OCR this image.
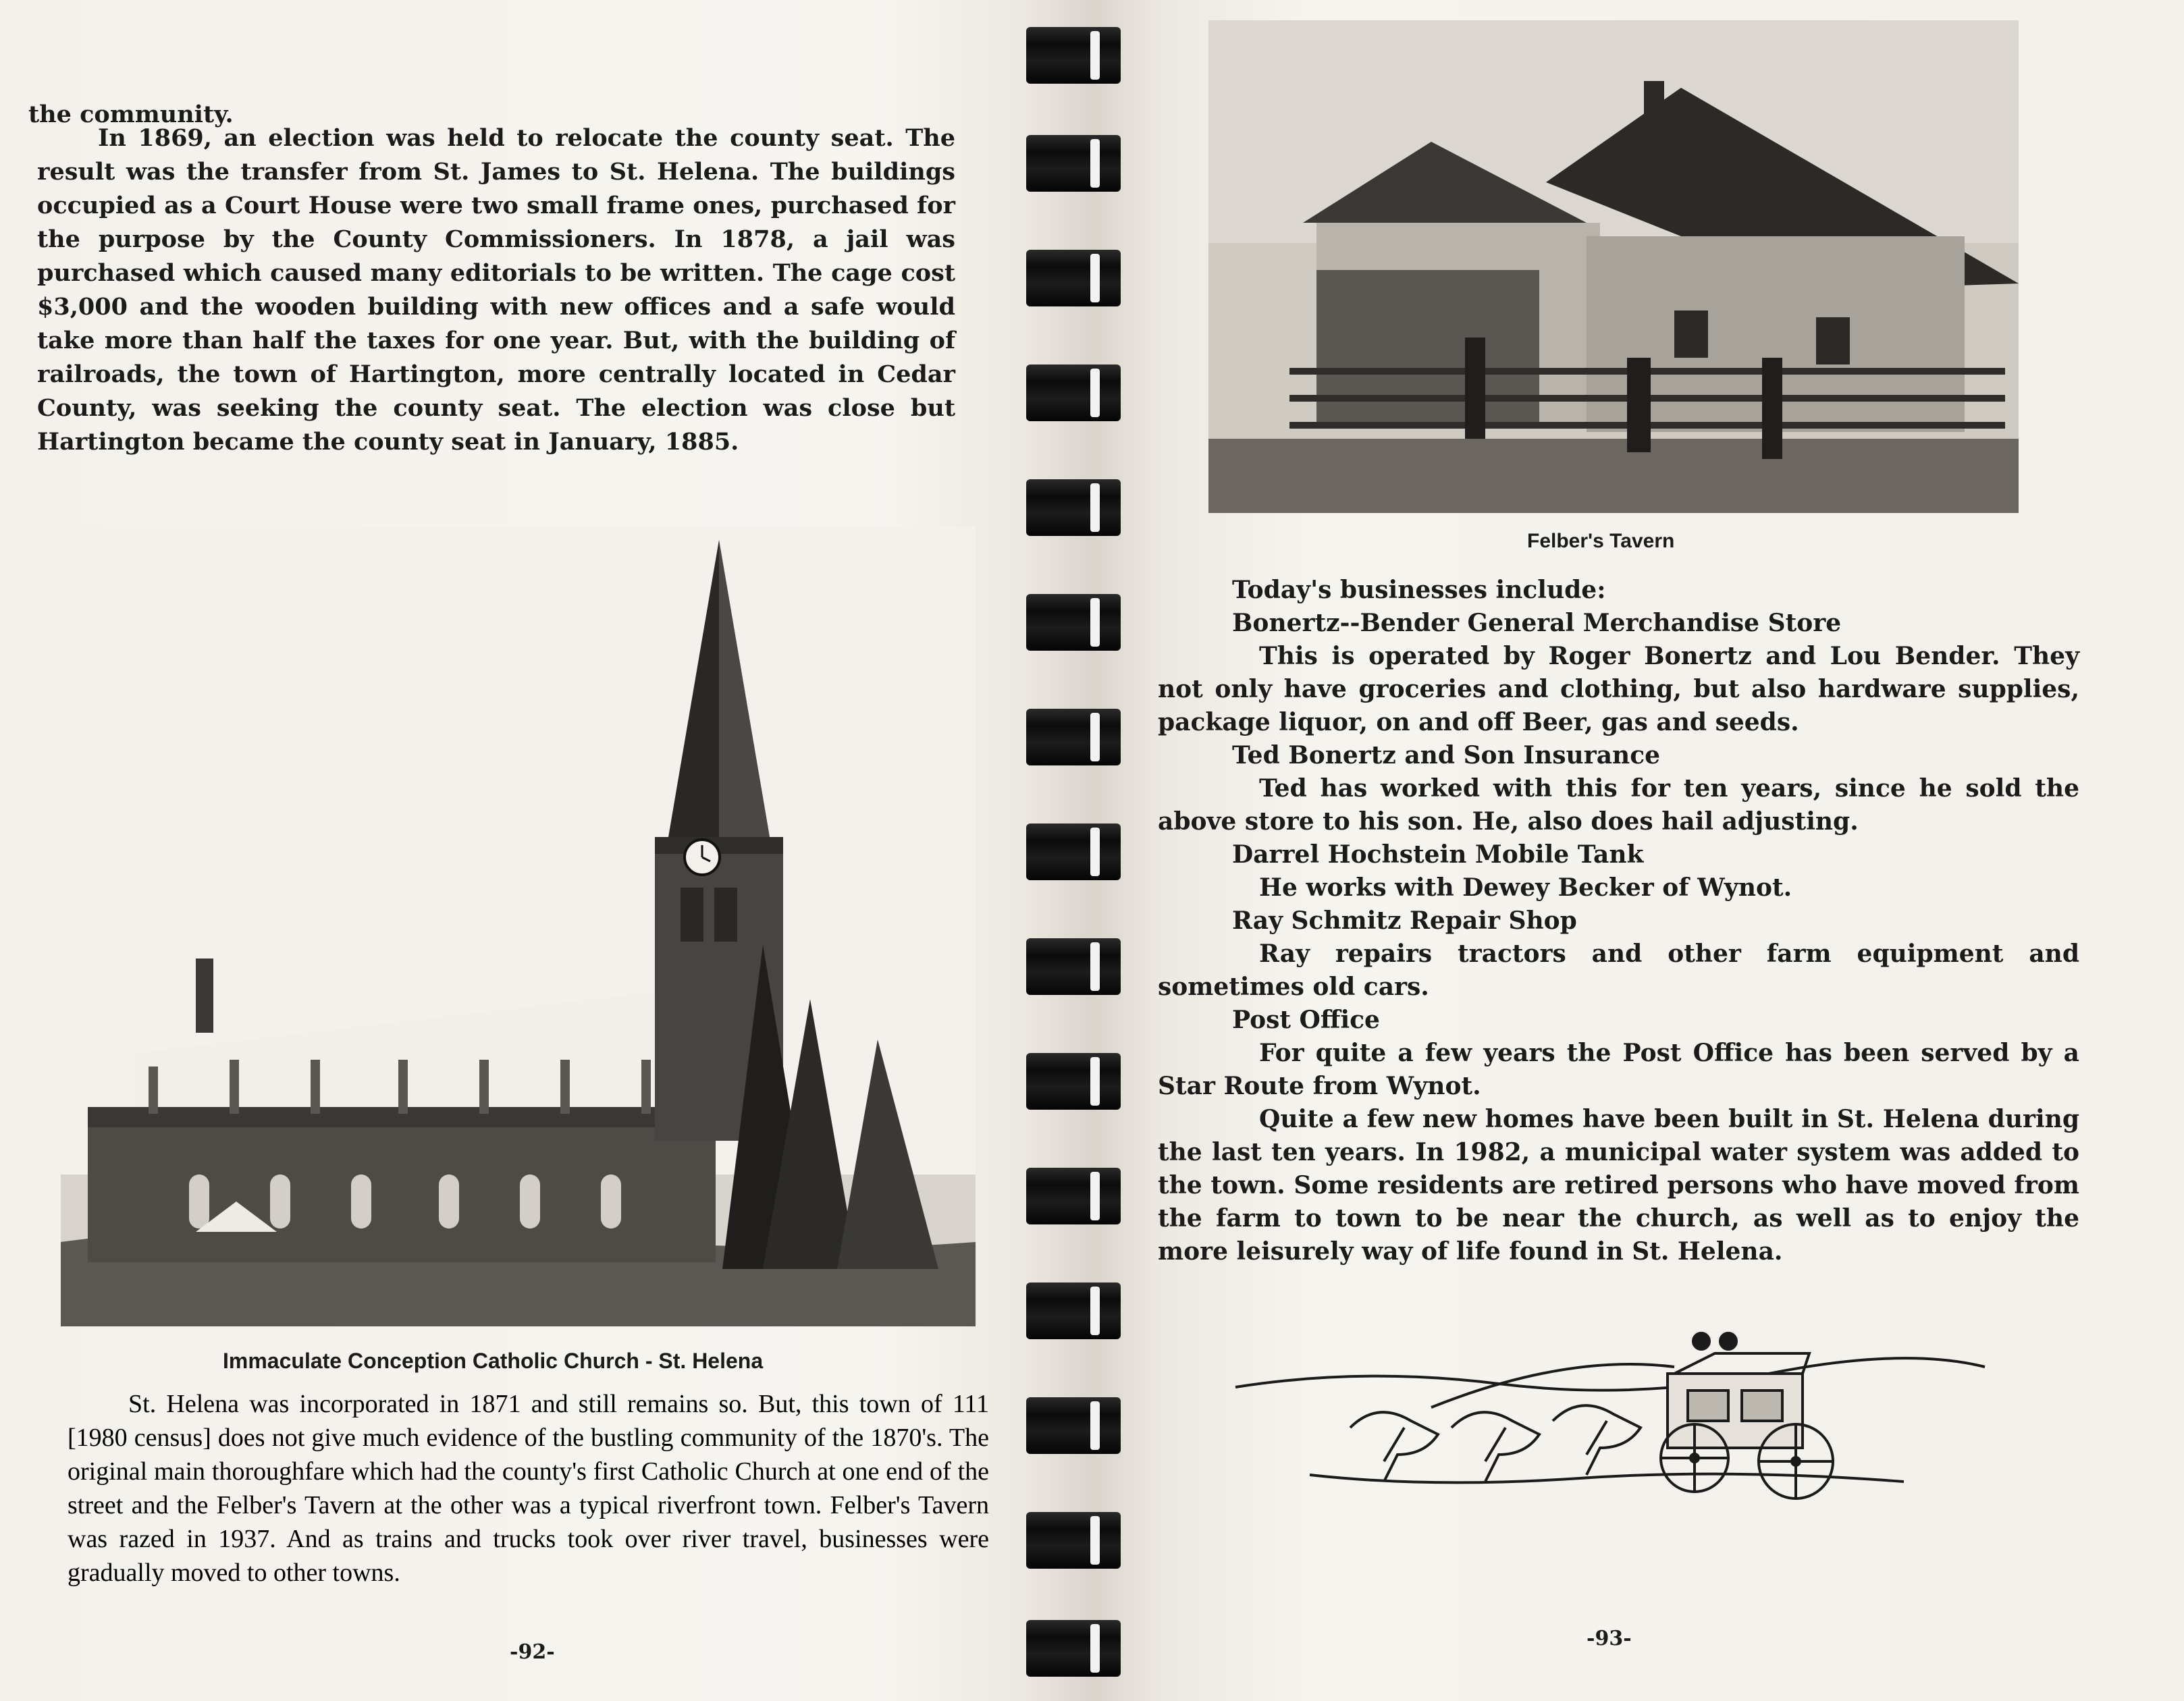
the community.
In 1869, an election was held to relocate the county seat. The result was the transfer from St. James to St. Helena. The buildings occupied as a Court House were two small frame ones, purchased for the purpose by the County Commissioners. In 1878, a jail was purchased which caused many editorials to be written. The cage cost $3,000 and the wooden building with new offices and a safe would take more than half the taxes for one year. But, with the building of railroads, the town of Hartington, more centrally located in Cedar County, was seeking the county seat. The election was close but Hartington became the county seat in January, 1885.
Immaculate Conception Catholic Church - St. Helena
St. Helena was incorporated in 1871 and still remains so. But, this town of 111 [1980 census] does not give much evidence of the bustling community of the 1870's. The original main thoroughfare which had the county's first Catholic Church at one end of the street and the Felber's Tavern at the other was a typical riverfront town. Felber's Tavern was razed in 1937. And as trains and trucks took over river travel, businesses were gradually moved to other towns.
-92-
Felber's Tavern
Today's businesses include:
Bonertz--Bender General Merchandise Store
This is operated by Roger Bonertz and Lou Bender. They not only have groceries and clothing, but also hardware supplies, package liquor, on and off Beer, gas and seeds.
Ted Bonertz and Son Insurance
Ted has worked with this for ten years, since he sold the above store to his son. He, also does hail adjusting.
Darrel Hochstein Mobile Tank
He works with Dewey Becker of Wynot.
Ray Schmitz Repair Shop
Ray repairs tractors and other farm equipment and sometimes old cars.
Post Office
For quite a few years the Post Office has been served by a Star Route from Wynot.
Quite a few new homes have been built in St. Helena during the last ten years. In 1982, a municipal water system was added to the town. Some residents are retired persons who have moved from the farm to town to be near the church, as well as to enjoy the more leisurely way of life found in St. Helena.
-93-
